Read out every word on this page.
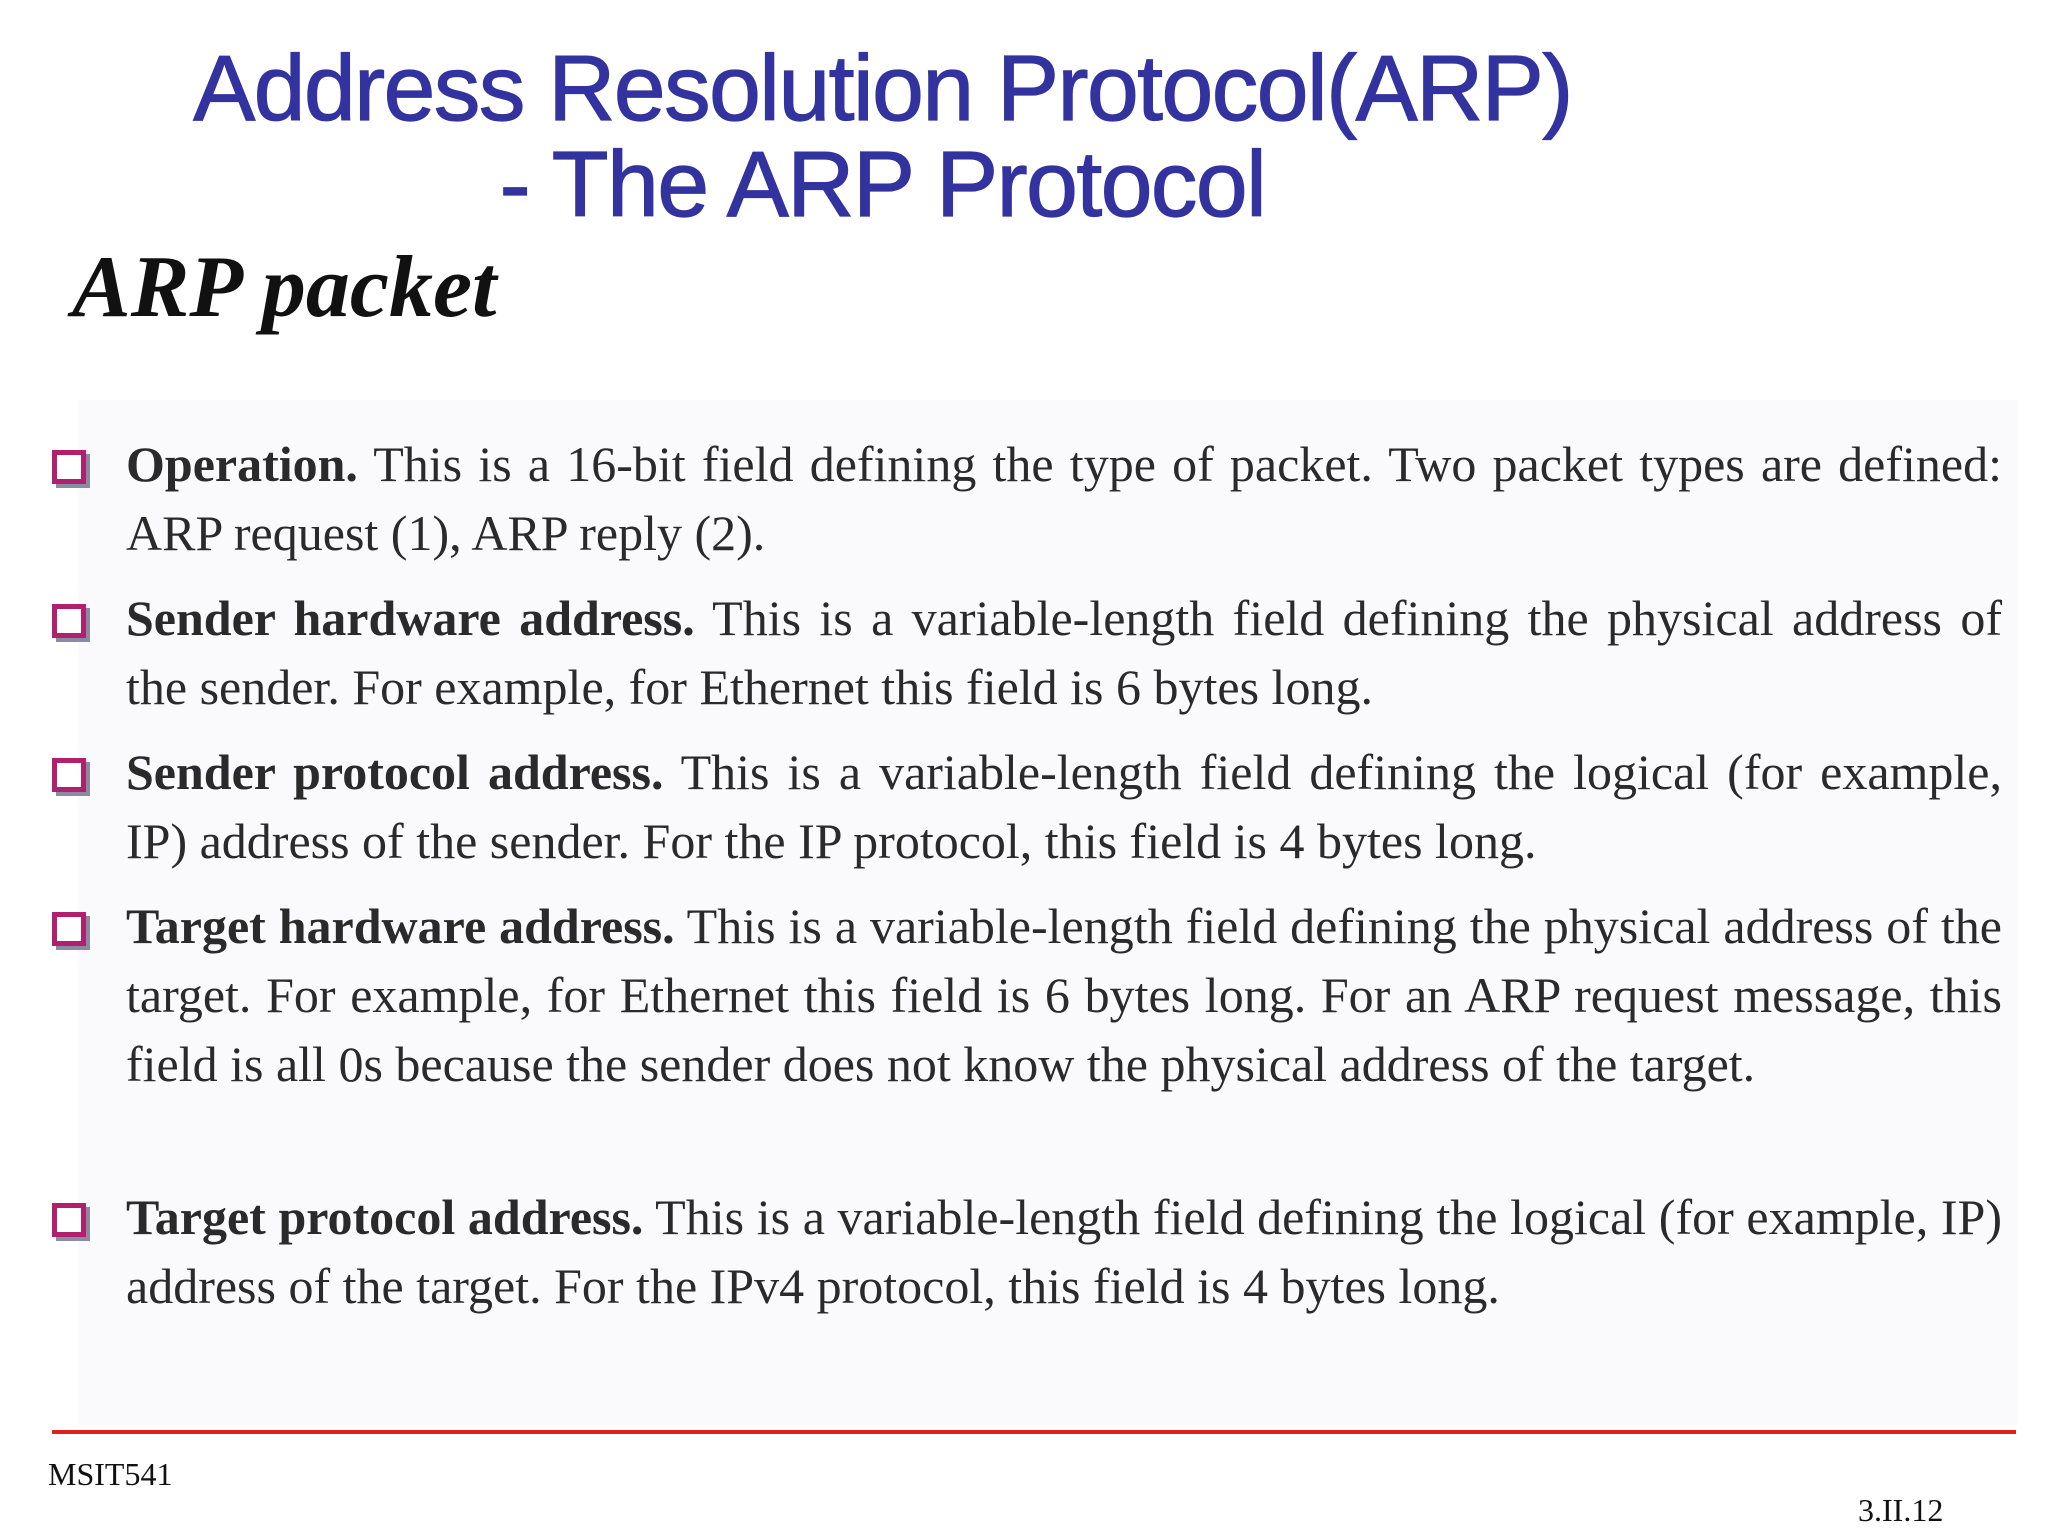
Address Resolution Protocol(ARP)
- The ARP Protocol
ARP packet

Operation. This is a 16-bit field defining the type of packet. Two packet types are defined: ARP request (1), ARP reply (2).

Sender hardware address. This is a variable-length field defining the physical address of the sender. For example, for Ethernet this field is 6 bytes long.

Sender protocol address. This is a variable-length field defining the logical (for example, IP) address of the sender. For the IP protocol, this field is 4 bytes long.

Target hardware address. This is a variable-length field defining the physical address of the target. For example, for Ethernet this field is 6 bytes long. For an ARP request message, this field is all 0s because the sender does not know the physical address of the target.

Target protocol address. This is a variable-length field defining the logical (for example, IP) address of the target. For the IPv4 protocol, this field is 4 bytes long.

MSIT541
3.II.12
